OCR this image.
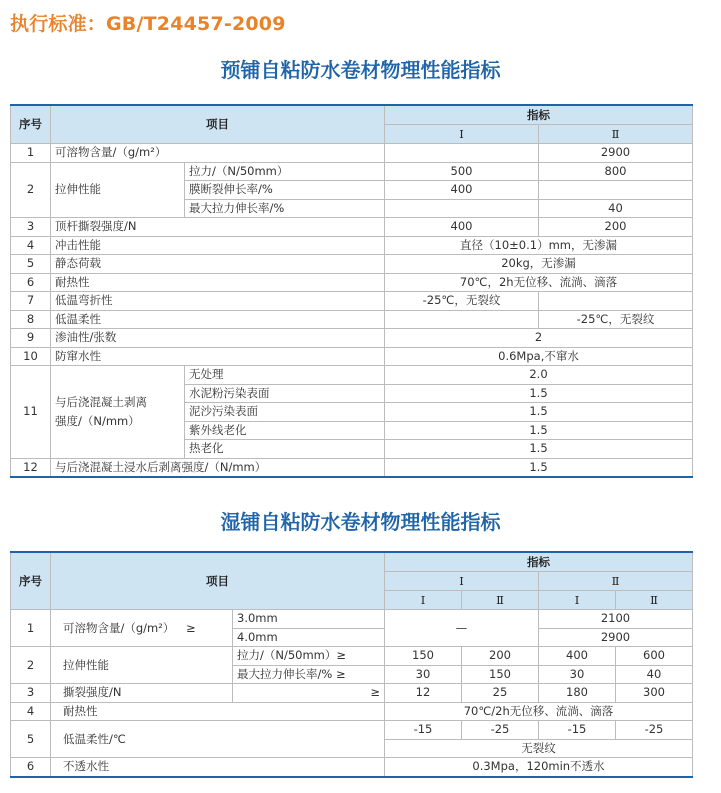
执行标准：GB/T24457-2009
预铺自粘防水卷材物理性能指标
序号	项目		指标	
			Ⅰ	Ⅱ
1	可溶物含量/（g/m²）			2900
2	拉伸性能	拉力/（N/50mm）	500	800
		膜断裂伸长率/%	400	
		最大拉力伸长率/%		40
3	顶杆撕裂强度/N		400	200
4	冲击性能		直径（10±0.1）mm，无渗漏	
5	静态荷载		20kg，无渗漏	
6	耐热性		70℃，2h无位移、流淌、滴落	
7	低温弯折性		-25℃，无裂纹	
8	低温柔性			-25℃，无裂纹
9	渗油性/张数		2	
10	防窜水性		0.6Mpa,不窜水	
11	与后浇混凝土剥离
强度/（N/mm）	无处理	2.0	
		水泥粉污染表面	1.5	
		泥沙污染表面	1.5	
		紫外线老化	1.5	
		热老化	1.5	
12	与后浇混凝土浸水后剥离强度/（N/mm）		1.5	
湿铺自粘防水卷材物理性能指标
序号	项目		指标			
			Ⅰ		Ⅱ	
			Ⅰ	Ⅱ	Ⅰ	Ⅱ
1	可溶物含量/（g/m²） ≥	3.0mm	—		2100	
		4.0mm			2900	
2	拉伸性能	拉力/（N/50mm）≥	150	200	400	600
		最大拉力伸长率/% ≥	30	150	30	40
3	撕裂强度/N	≥	12	25	180	300
4	耐热性		70℃/2h无位移、流淌、滴落			
5	低温柔性/℃		-15	-25	-15	-25
			无裂纹			
6	不透水性		0.3Mpa，120min不透水			
